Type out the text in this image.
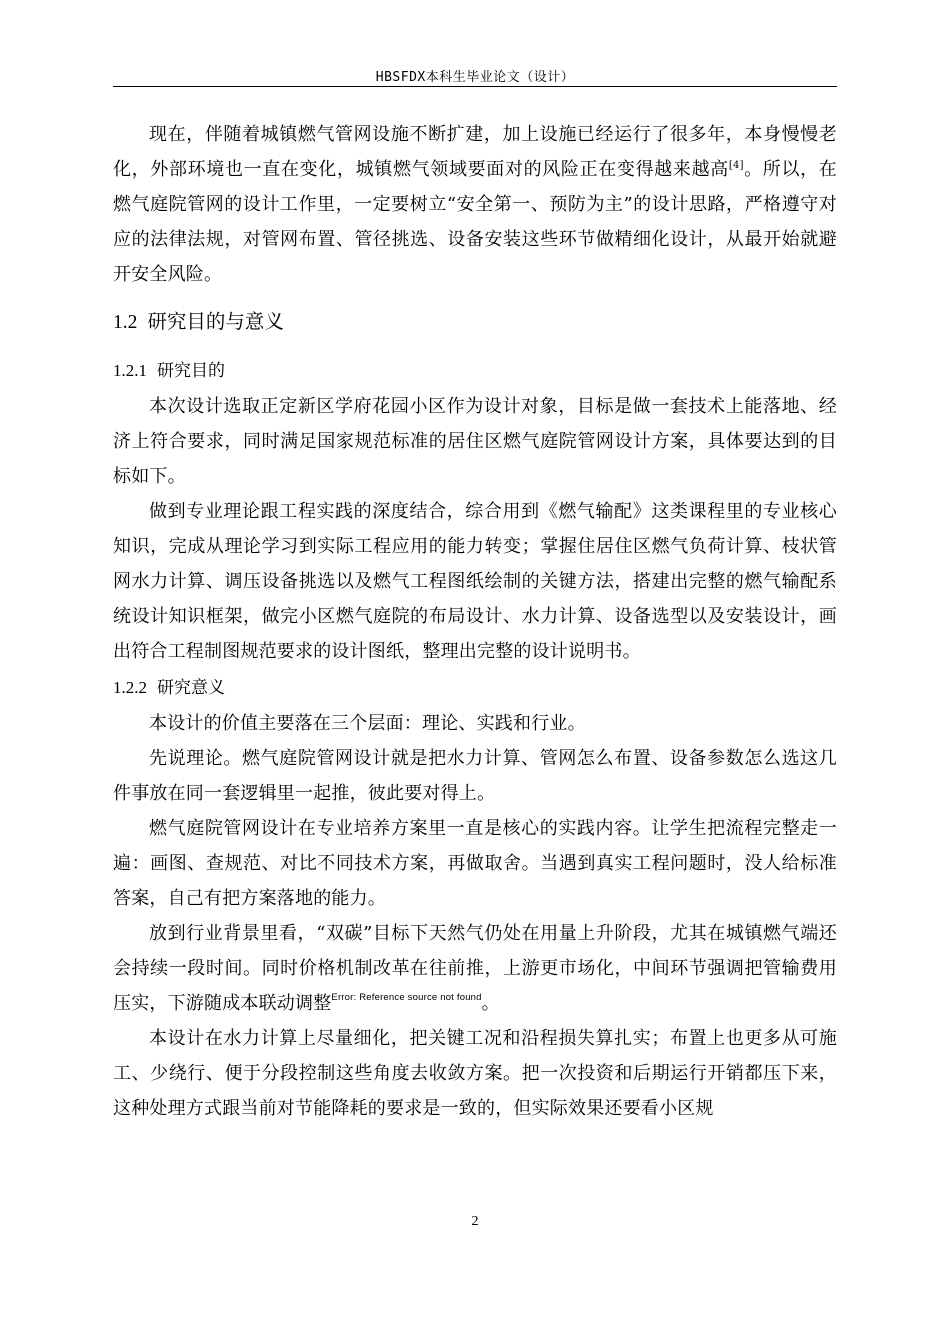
HBSFDX本科生毕业论文（设计）

现在，伴随着城镇燃气管网设施不断扩建，加上设施已经运行了很多年，本身慢慢老化，外部环境也一直在变化，城镇燃气领域要面对的风险正在变得越来越高[4]。所以，在燃气庭院管网的设计工作里，一定要树立“安全第一、预防为主”的设计思路，严格遵守对应的法律法规，对管网布置、管径挑选、设备安装这些环节做精细化设计，从最开始就避开安全风险。

1.2 研究目的与意义
1.2.1 研究目的

本次设计选取正定新区学府花园小区作为设计对象，目标是做一套技术上能落地、经济上符合要求，同时满足国家规范标准的居住区燃气庭院管网设计方案，具体要达到的目标如下。

做到专业理论跟工程实践的深度结合，综合用到《燃气输配》这类课程里的专业核心知识，完成从理论学习到实际工程应用的能力转变；掌握住居住区燃气负荷计算、枝状管网水力计算、调压设备挑选以及燃气工程图纸绘制的关键方法，搭建出完整的燃气输配系统设计知识框架，做完小区燃气庭院的布局设计、水力计算、设备选型以及安装设计，画出符合工程制图规范要求的设计图纸，整理出完整的设计说明书。

1.2.2 研究意义

本设计的价值主要落在三个层面：理论、实践和行业。

先说理论。燃气庭院管网设计就是把水力计算、管网怎么布置、设备参数怎么选这几件事放在同一套逻辑里一起推，彼此要对得上。

燃气庭院管网设计在专业培养方案里一直是核心的实践内容。让学生把流程完整走一遍：画图、查规范、对比不同技术方案，再做取舍。当遇到真实工程问题时，没人给标准答案，自己有把方案落地的能力。

放到行业背景里看，“双碳”目标下天然气仍处在用量上升阶段，尤其在城镇燃气端还会持续一段时间。同时价格机制改革在往前推，上游更市场化，中间环节强调把管输费用压实，下游随成本联动调整$^{Error: Reference source not found}$。

本设计在水力计算上尽量细化，把关键工况和沿程损失算扎实；布置上也更多从可施工、少绕行、便于分段控制这些角度去收敛方案。把一次投资和后期运行开销都压下来，这种处理方式跟当前对节能降耗的要求是一致的，但实际效果还要看小区规

2
